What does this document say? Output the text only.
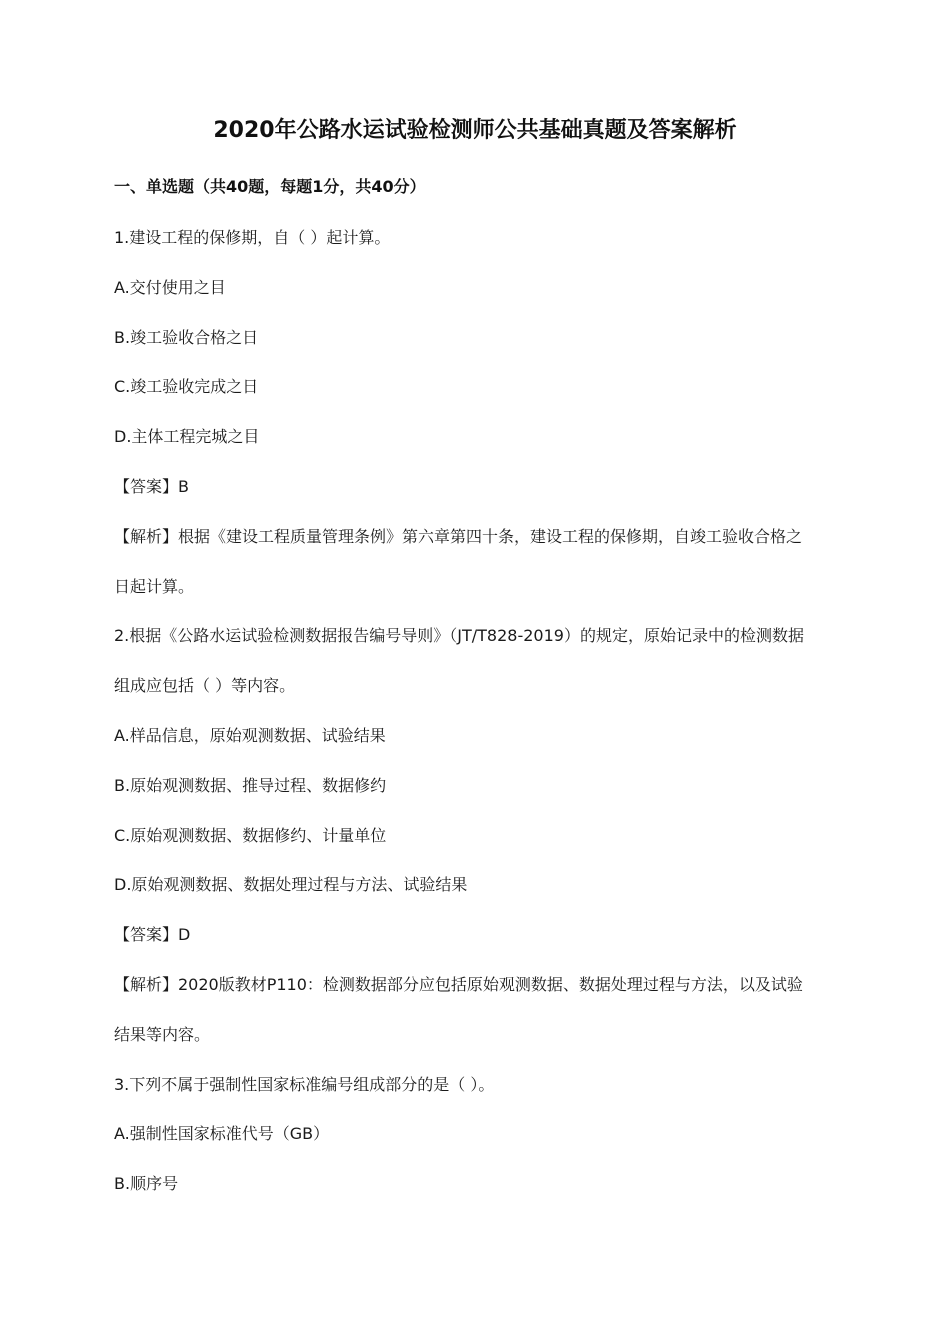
2020年公路水运试验检测师公共基础真题及答案解析
一、单选题（共40题，每题1分，共40分）

1.建设工程的保修期，自（ ）起计算。

A.交付使用之目

B.竣工验收合格之日

C.竣工验收完成之日

D.主体工程完城之目

【答案】B

【解析】根据《建设工程质量管理条例》第六章第四十条，建设工程的保修期，自竣工验收合格之

日起计算。

2.根据《公路水运试验检测数据报告编号导则》（JT/T828-2019）的规定，原始记录中的检测数据

组成应包括（ ）等内容。

A.样品信息，原始观测数据、试验结果

B.原始观测数据、推导过程、数据修约

C.原始观测数据、数据修约、计量单位

D.原始观测数据、数据处理过程与方法、试验结果

【答案】D

【解析】2020版教材P110：检测数据部分应包括原始观测数据、数据处理过程与方法，以及试验

结果等内容。

3.下列不属于强制性国家标准编号组成部分的是（ ）。

A.强制性国家标准代号（GB）

B.顺序号
